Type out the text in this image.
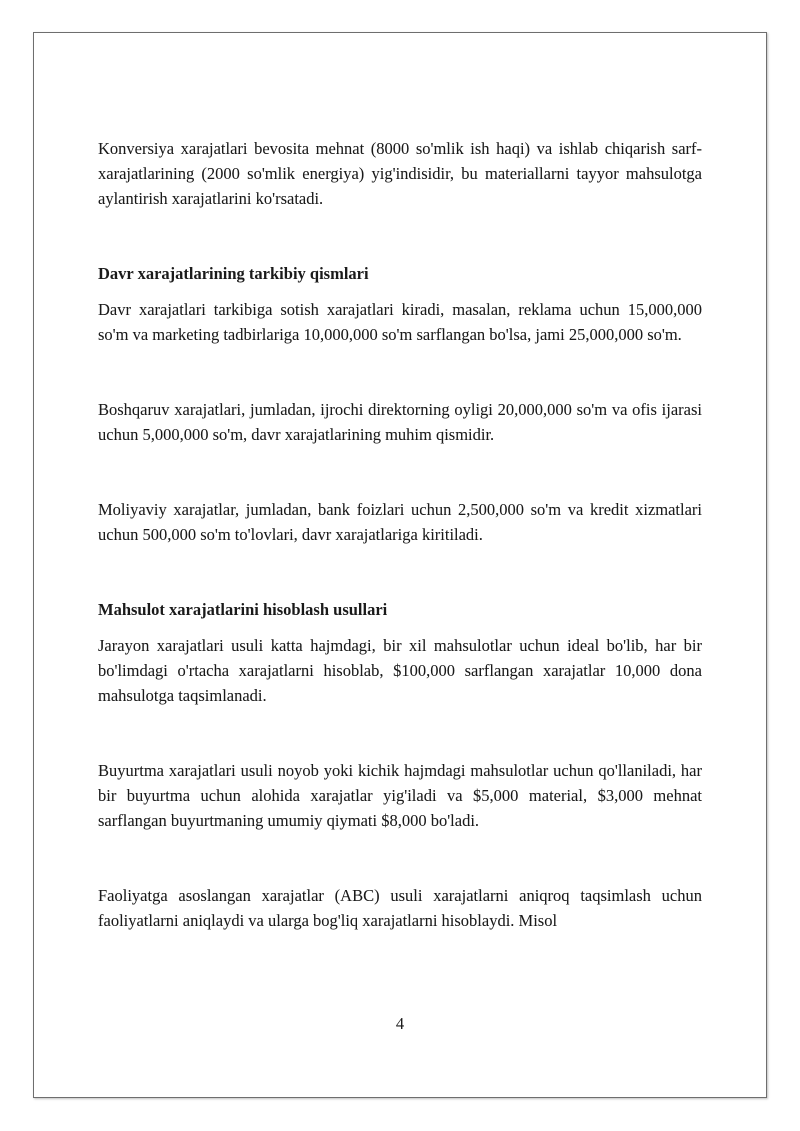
Konversiya xarajatlari bevosita mehnat (8000 so'mlik ish haqi) va ishlab chiqarish sarf-xarajatlarining (2000 so'mlik energiya) yig'indisidir, bu materiallarni tayyor mahsulotga aylantirish xarajatlarini ko'rsatadi.

Davr xarajatlarining tarkibiy qismlari

Davr xarajatlari tarkibiga sotish xarajatlari kiradi, masalan, reklama uchun 15,000,000 so'm va marketing tadbirlariga 10,000,000 so'm sarflangan bo'lsa, jami 25,000,000 so'm.

Boshqaruv xarajatlari, jumladan, ijrochi direktorning oyligi 20,000,000 so'm va ofis ijarasi uchun 5,000,000 so'm, davr xarajatlarining muhim qismidir.

Moliyaviy xarajatlar, jumladan, bank foizlari uchun 2,500,000 so'm va kredit xizmatlari uchun 500,000 so'm to'lovlari, davr xarajatlariga kiritiladi.

Mahsulot xarajatlarini hisoblash usullari

Jarayon xarajatlari usuli katta hajmdagi, bir xil mahsulotlar uchun ideal bo'lib, har bir bo'limdagi o'rtacha xarajatlarni hisoblab, $100,000 sarflangan xarajatlar 10,000 dona mahsulotga taqsimlanadi.

Buyurtma xarajatlari usuli noyob yoki kichik hajmdagi mahsulotlar uchun qo'llaniladi, har bir buyurtma uchun alohida xarajatlar yig'iladi va $5,000 material, $3,000 mehnat sarflangan buyurtmaning umumiy qiymati $8,000 bo'ladi.

Faoliyatga asoslangan xarajatlar (ABC) usuli xarajatlarni aniqroq taqsimlash uchun faoliyatlarni aniqlaydi va ularga bog'liq xarajatlarni hisoblaydi. Misol

4
